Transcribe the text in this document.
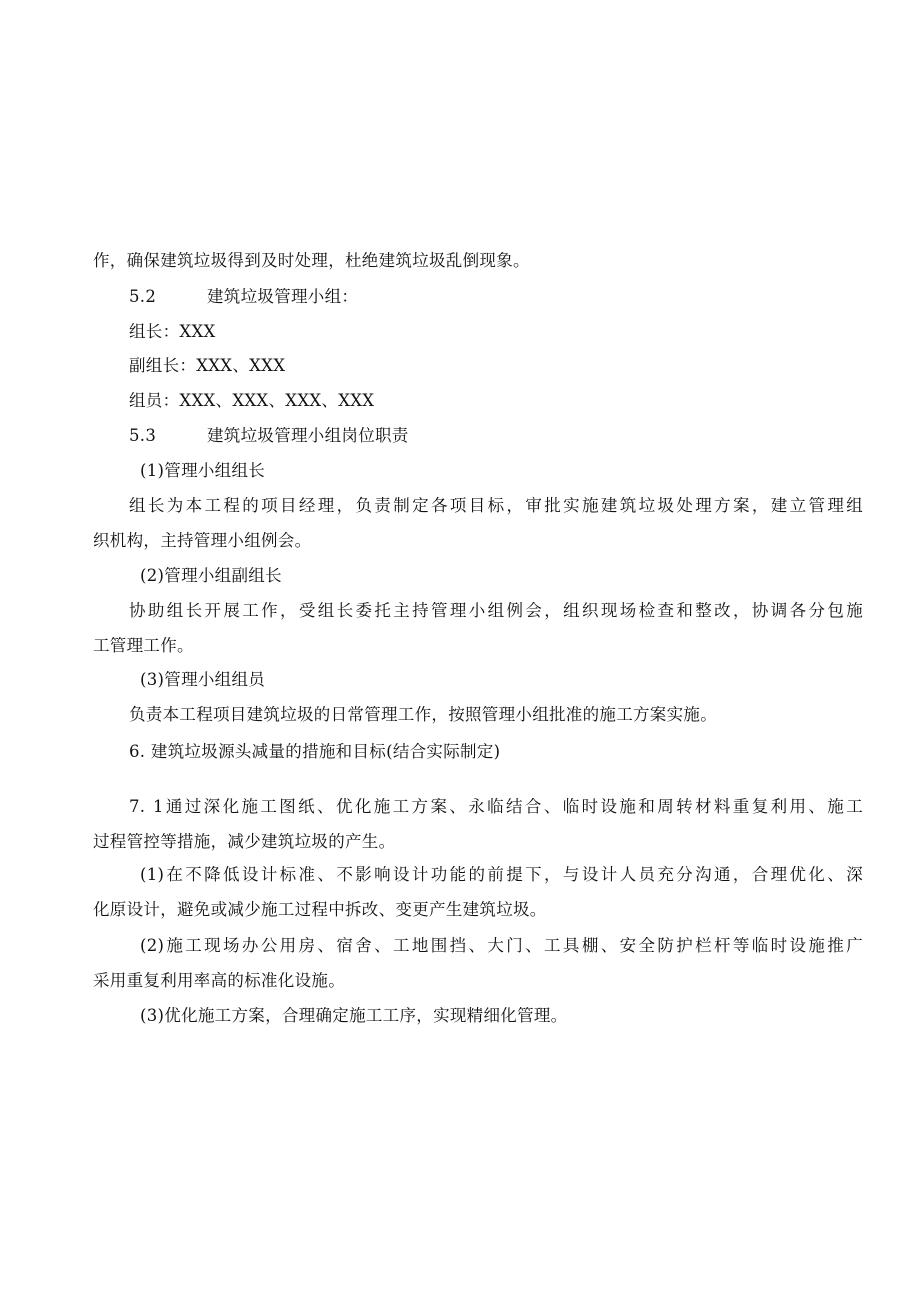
作，确保建筑垃圾得到及时处理，杜绝建筑垃圾乱倒现象。
5.2	建筑垃圾管理小组：
组长：XXX
副组长：XXX、XXX
组员：XXX、XXX、XXX、XXX
5.3	建筑垃圾管理小组岗位职责
(1)管理小组组长
组长为本工程的项目经理，负责制定各项目标，审批实施建筑垃圾处理方案，建立管理组
织机构，主持管理小组例会。
(2)管理小组副组长
协助组长开展工作，受组长委托主持管理小组例会，组织现场检查和整改，协调各分包施
工管理工作。
(3)管理小组组员
负责本工程项目建筑垃圾的日常管理工作，按照管理小组批准的施工方案实施。
6. 建筑垃圾源头减量的措施和目标(结合实际制定)
7. 1通过深化施工图纸、优化施工方案、永临结合、临时设施和周转材料重复利用、施工
过程管控等措施，减少建筑垃圾的产生。
(1)在不降低设计标准、不影响设计功能的前提下，与设计人员充分沟通，合理优化、深
化原设计，避免或减少施工过程中拆改、变更产生建筑垃圾。
(2)施工现场办公用房、宿舍、工地围挡、大门、工具棚、安全防护栏杆等临时设施推广
采用重复利用率高的标准化设施。
(3)优化施工方案，合理确定施工工序，实现精细化管理。
